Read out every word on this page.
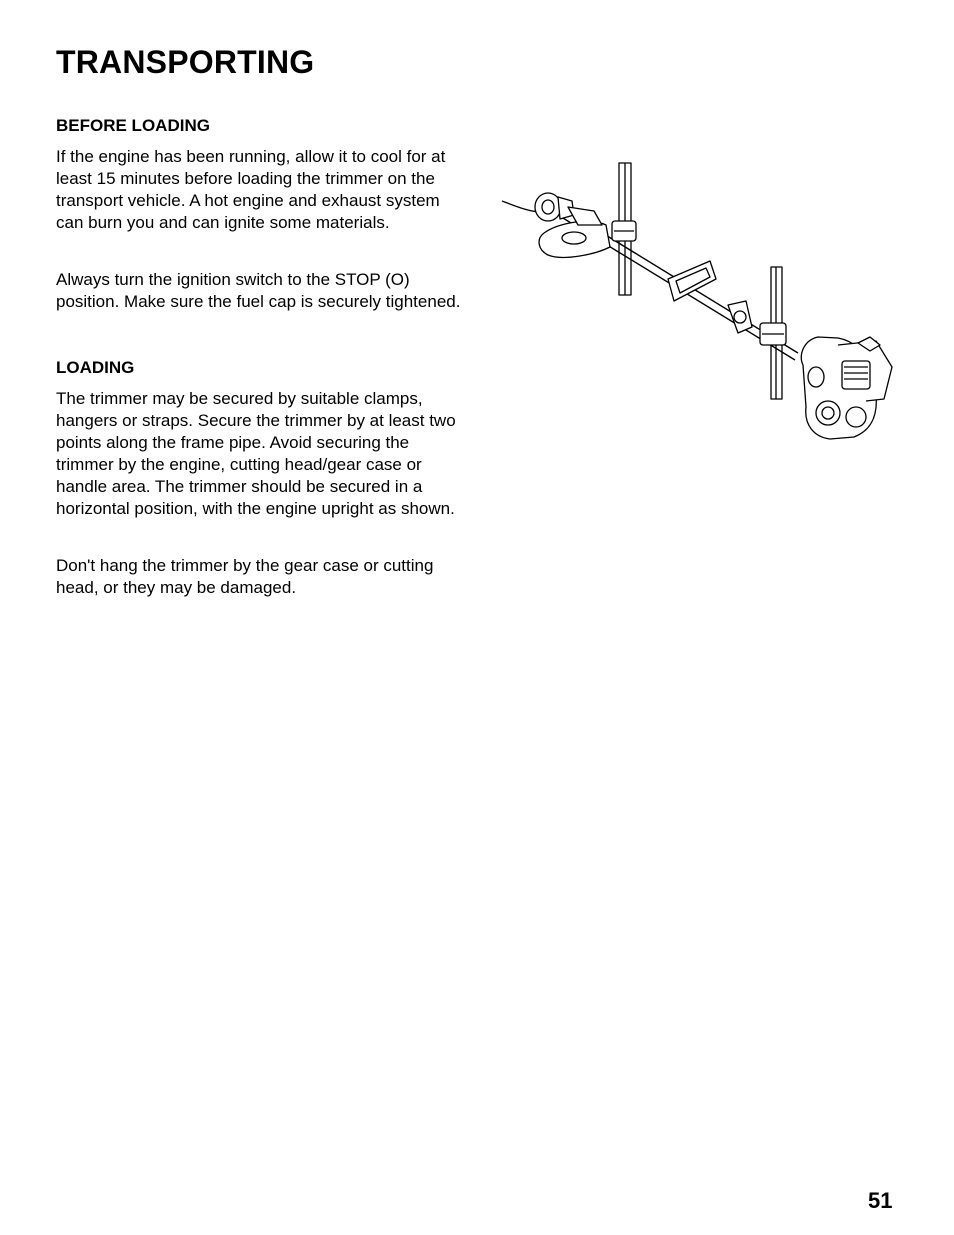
TRANSPORTING
BEFORE LOADING

If the engine has been running, allow it to cool for at least 15 minutes before loading the trimmer on the transport vehicle. A hot engine and exhaust system can burn you and can ignite some materials.

Always turn the ignition switch to the STOP (O) position. Make sure the fuel cap is securely tightened.

LOADING

The trimmer may be secured by suitable clamps, hangers or straps. Secure the trimmer by at least two points along the frame pipe. Avoid securing the trimmer by the engine, cutting head/gear case or handle area. The trimmer should be secured in a horizontal position, with the engine upright as shown.

Don't hang the trimmer by the gear case or cutting head, or they may be damaged.

51
